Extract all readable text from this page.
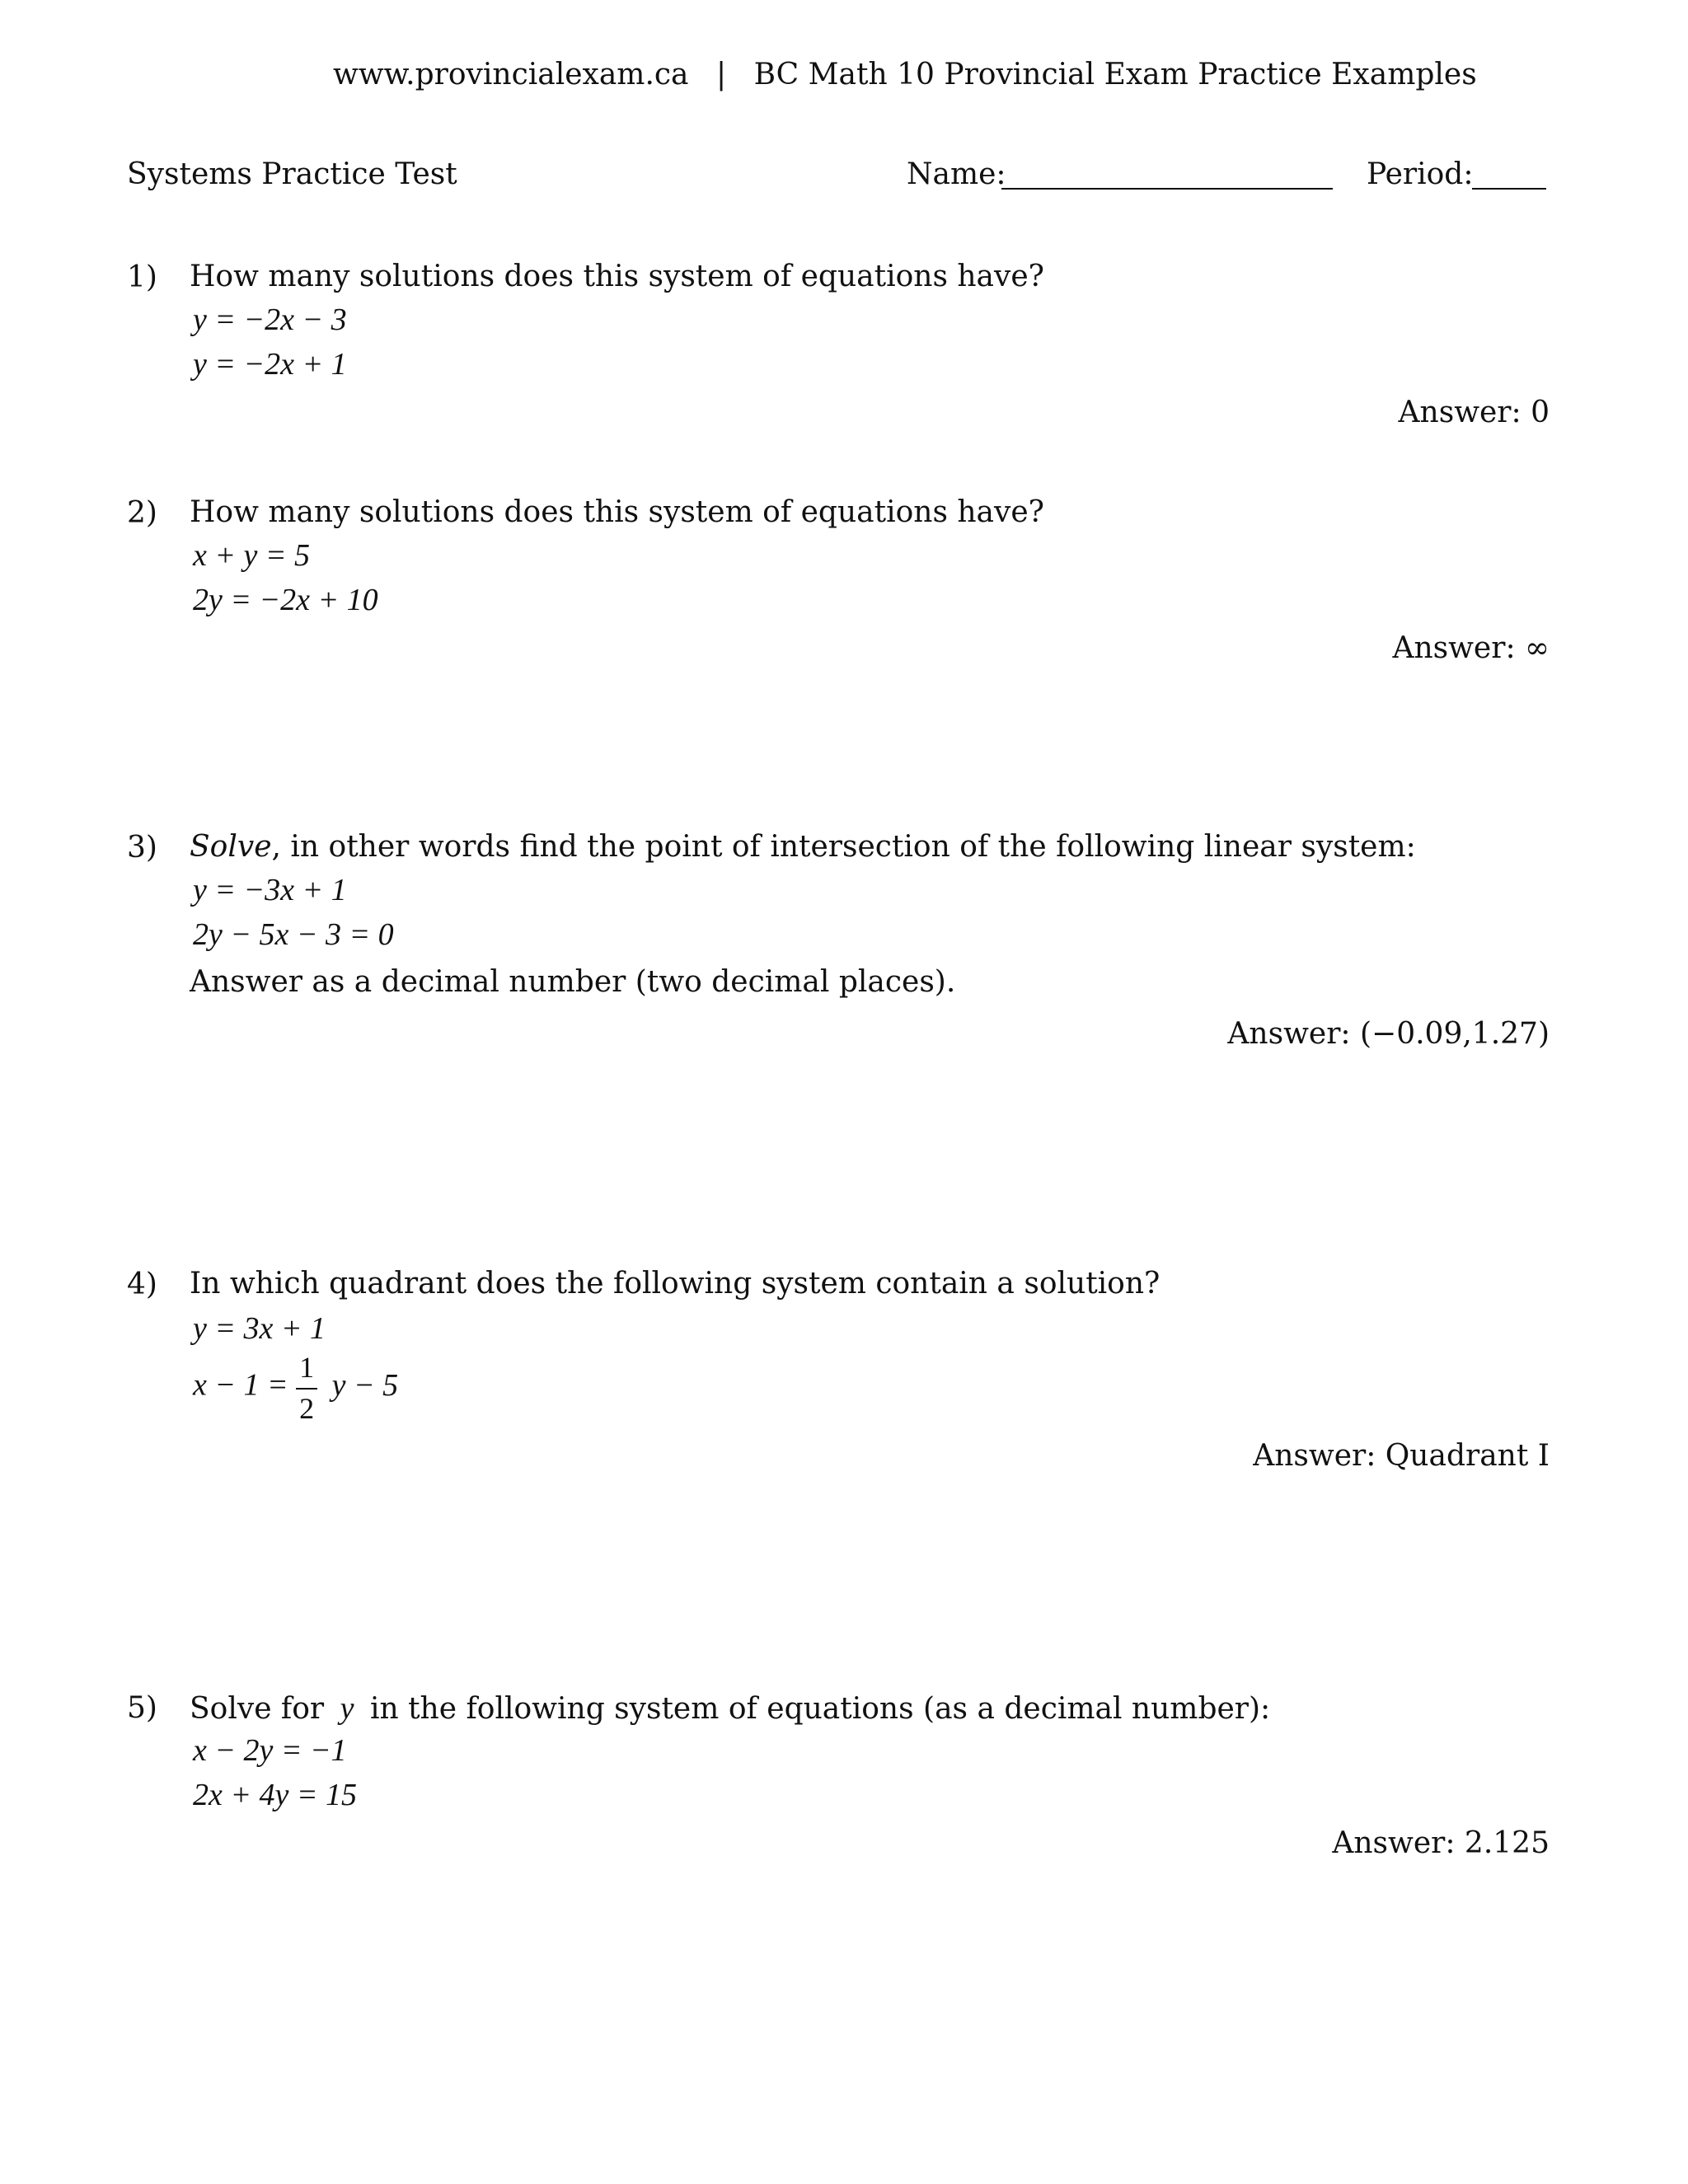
www.provincialexam.ca | BC Math 10 Provincial Exam Practice Examples
Systems Practice Test	Name:	Period:
1) How many solutions does this system of equations have?
y = −2x − 3
y = −2x + 1
Answer: 0
2) How many solutions does this system of equations have?
x + y = 5
2y = −2x + 10
Answer: ∞
3) Solve, in other words find the point of intersection of the following linear system:
y = −3x + 1
2y − 5x − 3 = 0
Answer as a decimal number (two decimal places).
Answer: (−0.09,1.27)
4) In which quadrant does the following system contain a solution?
y = 3x + 1
$x - 1 = \frac{1}{2}$ y − 5
Answer: Quadrant I
5) Solve for y in the following system of equations (as a decimal number):
x − 2y = −1
2x + 4y = 15
Answer: 2.125
